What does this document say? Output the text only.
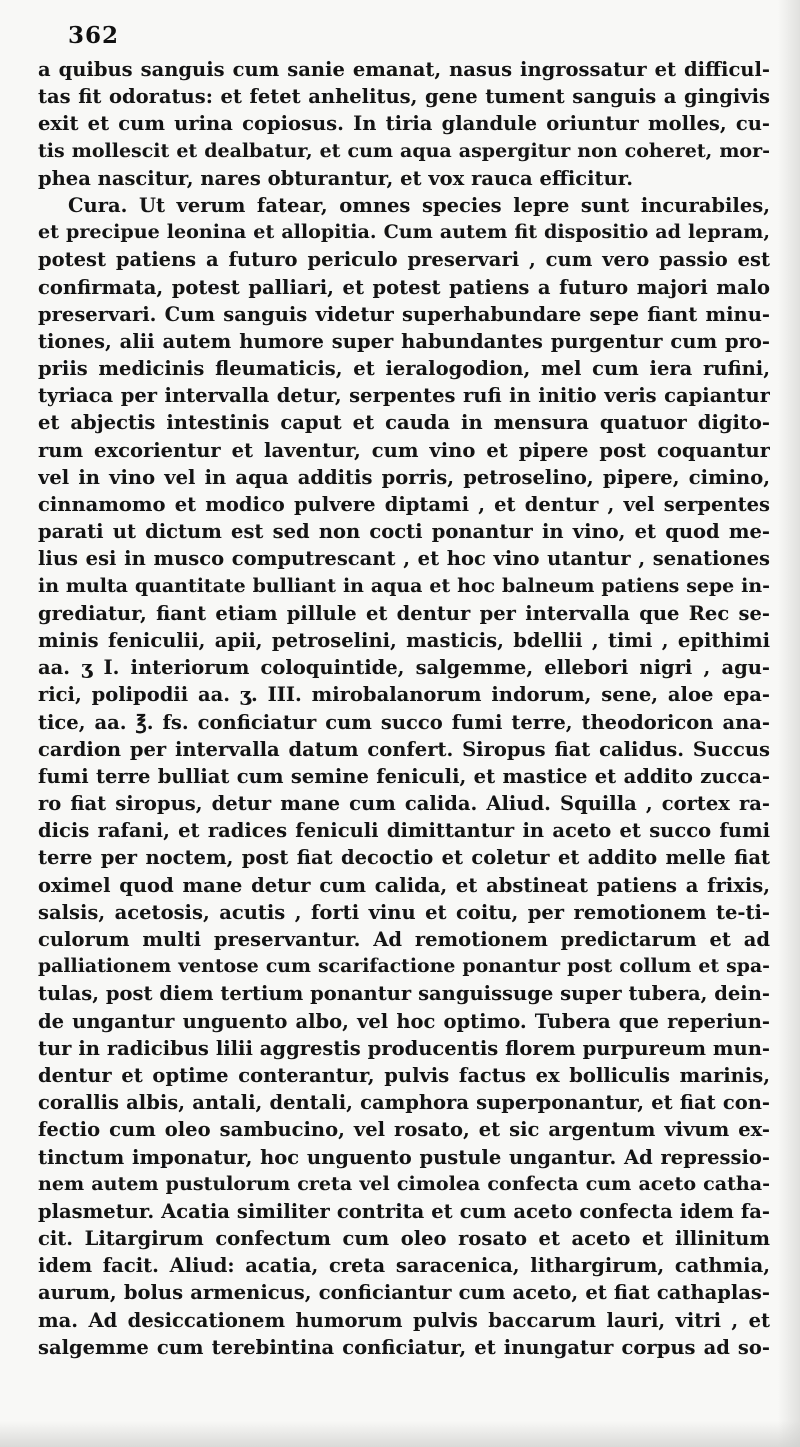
362
a quibus sanguis cum sanie emanat, nasus ingrossatur et difficul-
tas fit odoratus: et fetet anhelitus, gene tument sanguis a gingivis
exit et cum urina copiosus. In tiria glandule oriuntur molles, cu-
tis mollescit et dealbatur, et cum aqua aspergitur non coheret, mor-
phea nascitur, nares obturantur, et vox rauca efficitur.
Cura. Ut verum fatear, omnes species lepre sunt incurabiles,
et precipue leonina et allopitia. Cum autem fit dispositio ad lepram,
potest patiens a futuro periculo preservari , cum vero passio est
confirmata, potest palliari, et potest patiens a futuro majori malo
preservari. Cum sanguis videtur superhabundare sepe fiant minu-
tiones, alii autem humore super habundantes purgentur cum pro-
priis medicinis fleumaticis, et ieralogodion, mel cum iera rufini,
tyriaca per intervalla detur, serpentes rufi in initio veris capiantur
et abjectis intestinis caput et cauda in mensura quatuor digito-
rum excorientur et laventur, cum vino et pipere post coquantur
vel in vino vel in aqua additis porris, petroselino, pipere, cimino,
cinnamomo et modico pulvere diptami , et dentur , vel serpentes
parati ut dictum est sed non cocti ponantur in vino, et quod me-
lius esi in musco computrescant , et hoc vino utantur , senationes
in multa quantitate bulliant in aqua et hoc balneum patiens sepe in-
grediatur, fiant etiam pillule et dentur per intervalla que Rec se-
minis feniculii, apii, petroselini, masticis, bdellii , timi , epithimi
aa. ʒ I. interiorum coloquintide, salgemme, ellebori nigri , agu-
rici, polipodii aa. ʒ. III. mirobalanorum indorum, sene, aloe epa-
tice, aa. ℥. fs. conficiatur cum succo fumi terre, theodoricon ana-
cardion per intervalla datum confert. Siropus fiat calidus. Succus
fumi terre bulliat cum semine feniculi, et mastice et addito zucca-
ro fiat siropus, detur mane cum calida. Aliud. Squilla , cortex ra-
dicis rafani, et radices feniculi dimittantur in aceto et succo fumi
terre per noctem, post fiat decoctio et coletur et addito melle fiat
oximel quod mane detur cum calida, et abstineat patiens a frixis,
salsis, acetosis, acutis , forti vinu et coitu, per remotionem te-ti-
culorum multi preservantur. Ad remotionem predictarum et ad
palliationem ventose cum scarifactione ponantur post collum et spa-
tulas, post diem tertium ponantur sanguissuge super tubera, dein-
de ungantur unguento albo, vel hoc optimo. Tubera que reperiun-
tur in radicibus lilii aggrestis producentis florem purpureum mun-
dentur et optime conterantur, pulvis factus ex bolliculis marinis,
corallis albis, antali, dentali, camphora superponantur, et fiat con-
fectio cum oleo sambucino, vel rosato, et sic argentum vivum ex-
tinctum imponatur, hoc unguento pustule ungantur. Ad repressio-
nem autem pustulorum creta vel cimolea confecta cum aceto catha-
plasmetur. Acatia similiter contrita et cum aceto confecta idem fa-
cit. Litargirum confectum cum oleo rosato et aceto et illinitum
idem facit. Aliud: acatia, creta saracenica, lithargirum, cathmia,
aurum, bolus armenicus, conficiantur cum aceto, et fiat cathaplas-
ma. Ad desiccationem humorum pulvis baccarum lauri, vitri , et
salgemme cum terebintina conficiatur, et inungatur corpus ad so-
